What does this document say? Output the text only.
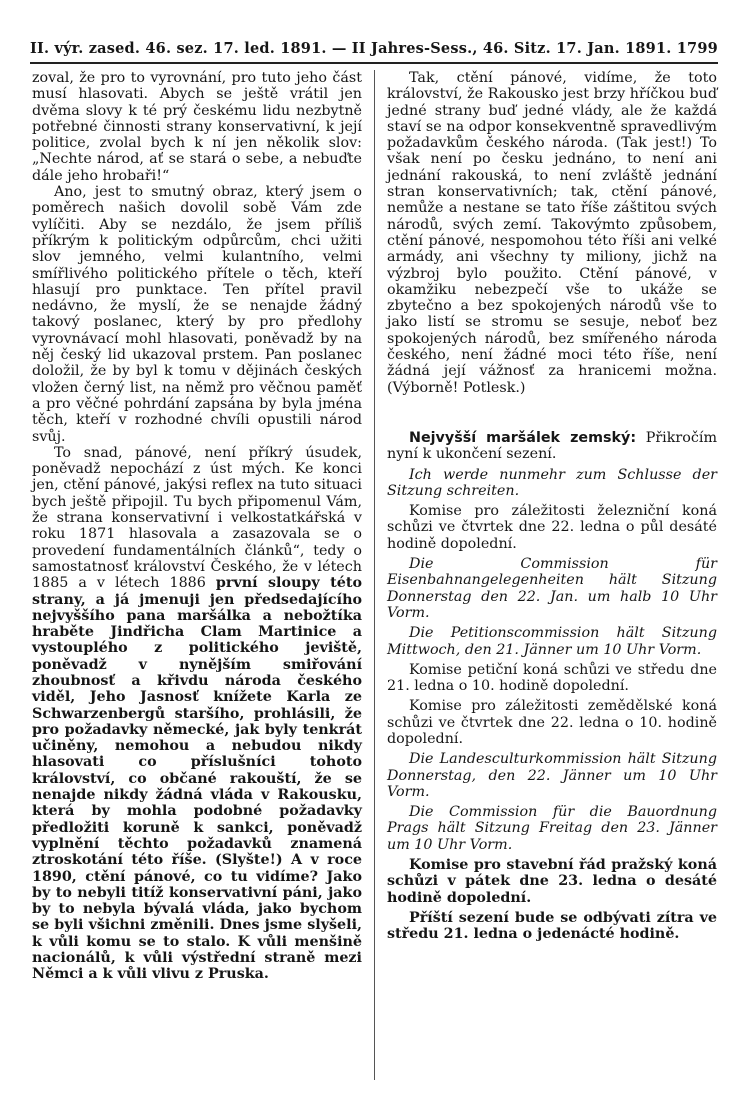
II. výr. zased. 46. sez. 17. led. 1891. — II Jahres-Sess., 46. Sitz. 17. Jan. 1891. 1799

zoval, že pro to vyrovnání, pro tuto jeho část musí hlasovati. Abych se ještě vrátil jen dvěma slovy k té prý českému lidu nezbytně potřebné činnosti strany konservativní, k její politice, zvolal bych k ní jen několik slov: „Nechte národ, ať se stará o sebe, a nebuďte dále jeho hrobaři!“

Ano, jest to smutný obraz, který jsem o poměrech našich dovolil sobě Vám zde vylíčiti. Aby se nezdálo, že jsem příliš příkrým k politickým odpůrcům, chci užiti slov jemného, velmi kulantního, velmi smířlivého politického přítele o těch, kteří hlasují pro punktace. Ten přítel pravil nedávno, že myslí, že se nenajde žádný takový poslanec, který by pro předlohy vyrovnávací mohl hlasovati, poněvadž by na něj český lid ukazoval prstem. Pan poslanec doložil, že by byl k tomu v dějinách českých vložen černý list, na němž pro věčnou paměť a pro věčné pohrdání zapsána by byla jména těch, kteří v rozhodné chvíli opustili národ svůj.

To snad, pánové, není příkrý úsudek, poněvadž nepochází z úst mých. Ke konci jen, ctění pánové, jakýsi reflex na tuto situaci bych ještě připojil. Tu bych připomenul Vám, že strana konservativní i velkostatkářská v roku 1871 hlasovala a zasazovala se o provedení fundamentálních článků“, tedy o samostatnosť království Českého, že v létech 1885 a v létech 1886 první sloupy této strany, a já jmenuji jen předsedajícího nejvyššího pana maršálka a nebožtíka hraběte Jindřicha Clam Martinice a vystouplého z politického jeviště, poněvadž v nynějším smiřování zhoubnosť a křivdu národa českého viděl, Jeho Jasnosť knížete Karla ze Schwarzenbergů staršího, prohlásili, že pro požadavky německé, jak byly tenkrát učiněny, nemohou a nebudou nikdy hlasovati co příslušníci tohoto království, co občané rakouští, že se nenajde nikdy žádná vláda v Rakousku, která by mohla podobné požadavky předložiti koruně k sankci, poněvadž vyplnění těchto požadavků znamená ztroskotání této říše. (Slyšte!) A v roce 1890, ctění pánové, co tu vidíme? Jako by to nebyli titíž konservativní páni, jako by to nebyla bývalá vláda, jako bychom se byli všichni změnili. Dnes jsme slyšeli, k vůli komu se to stalo. K vůli menšině nacionálů, k vůli výstřední straně mezi Němci a k vůli vlivu z Pruska.

Tak, ctění pánové, vidíme, že toto království, že Rakousko jest brzy hříčkou buď jedné strany buď jedné vlády, ale že každá staví se na odpor konsekventně spravedlivým požadavkům českého národa. (Tak jest!) To však není po česku jednáno, to není ani jednání rakouská, to není zvláště jednání stran konservativních; tak, ctění pánové, nemůže a nestane se tato říše záštitou svých národů, svých zemí. Takovýmto způsobem, ctění pánové, nespomohou této říši ani velké armády, ani všechny ty miliony, jichž na výzbroj bylo použito. Ctění pánové, v okamžiku nebezpečí vše to ukáže se zbytečno a bez spokojených národů vše to jako listí se stromu se sesuje, neboť bez spokojených národů, bez smířeného národa českého, není žádné moci této říše, není žádná její vážnosť za hranicemi možna. (Výborně! Potlesk.)

Nejvyšší maršálek zemský: Přikročím nyní k ukončení sezení.

Ich werde nunmehr zum Schlusse der Sitzung schreiten.

Komise pro záležitosti železniční koná schůzi ve čtvrtek dne 22. ledna o půl desáté hodině dopolední.

Die Commission für Eisenbahnangelegenheiten hält Sitzung Donnerstag den 22. Jan. um halb 10 Uhr Vorm.

Die Petitionscommission hält Sitzung Mittwoch, den 21. Jänner um 10 Uhr Vorm.

Komise petiční koná schůzi ve středu dne 21. ledna o 10. hodině dopolední.

Komise pro záležitosti zemědělské koná schůzi ve čtvrtek dne 22. ledna o 10. hodině dopolední.

Die Landesculturkommission hält Sitzung Donnerstag, den 22. Jänner um 10 Uhr Vorm.

Die Commission für die Bauordnung Prags hält Sitzung Freitag den 23. Jänner um 10 Uhr Vorm.

Komise pro stavební řád pražský koná schůzi v pátek dne 23. ledna o desáté hodině dopolední.

Příští sezení bude se odbývati zítra ve středu 21. ledna o jedenácté hodině.
